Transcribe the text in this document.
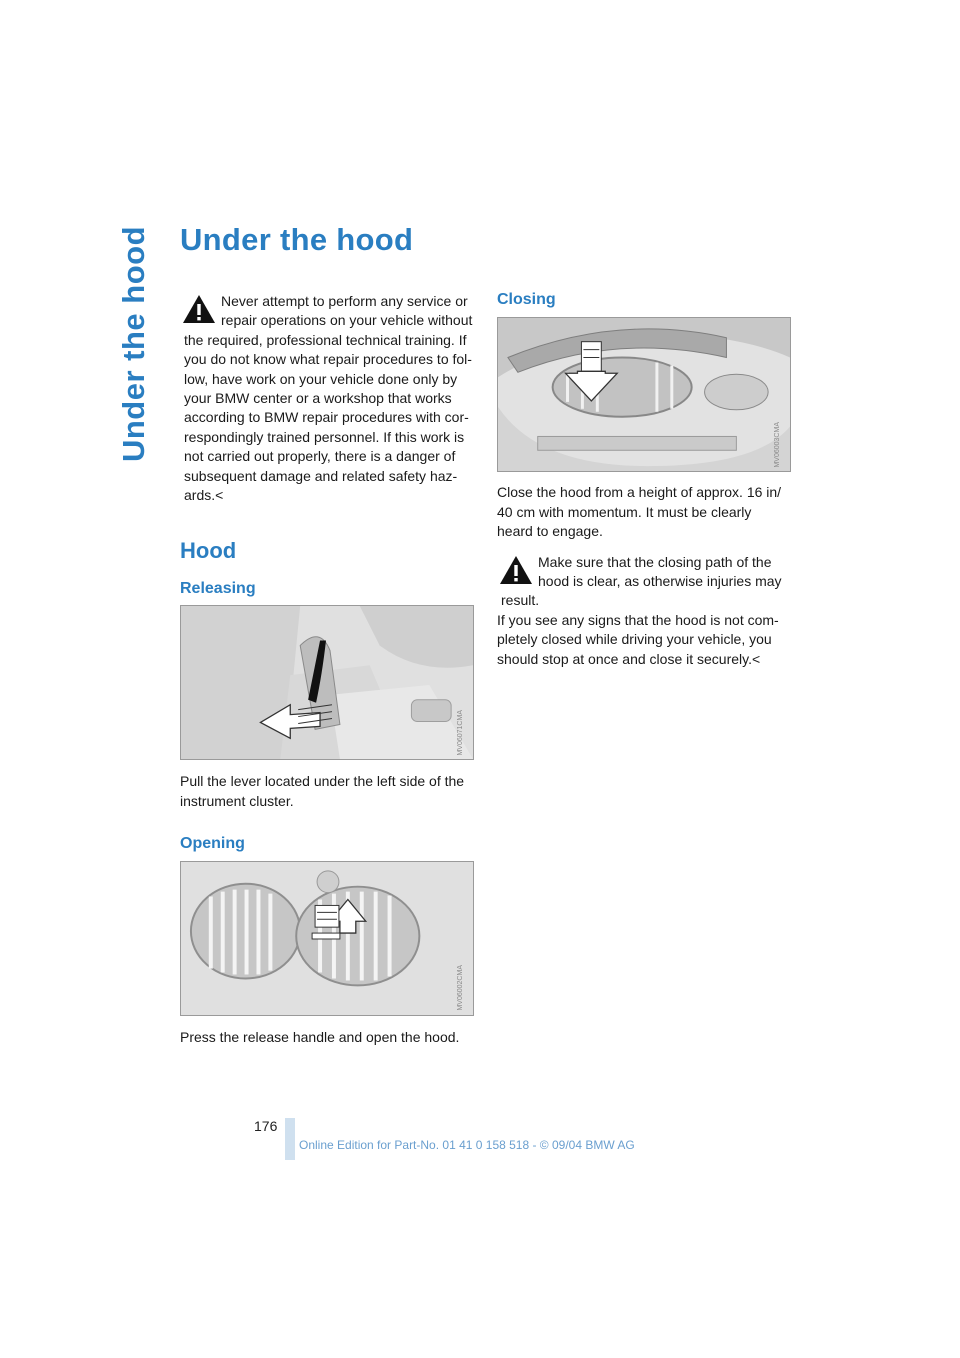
Under the hood Under the hood

Never attempt to perform any service or repair operations on your vehicle without the required, professional technical training. If you do not know what repair procedures to fol-low, have work on your vehicle done only by your BMW center or a workshop that works according to BMW repair procedures with cor-respondingly trained personnel. If this work is not carried out properly, there is a danger of subsequent damage and related safety haz-ards.<

Hood
Releasing
MV06071CMA

Pull the lever located under the left side of the instrument cluster.

Opening
MV06002CMA

Press the release handle and open the hood.

Closing
MV06003CMA

Close the hood from a height of approx. 16 in/ 40 cm with momentum. It must be clearly heard to engage.

Make sure that the closing path of the hood is clear, as otherwise injuries may result.

If you see any signs that the hood is not com-pletely closed while driving your vehicle, you should stop at once and close it securely.<

176
Online Edition for Part-No. 01 41 0 158 518 - © 09/04 BMW AG
